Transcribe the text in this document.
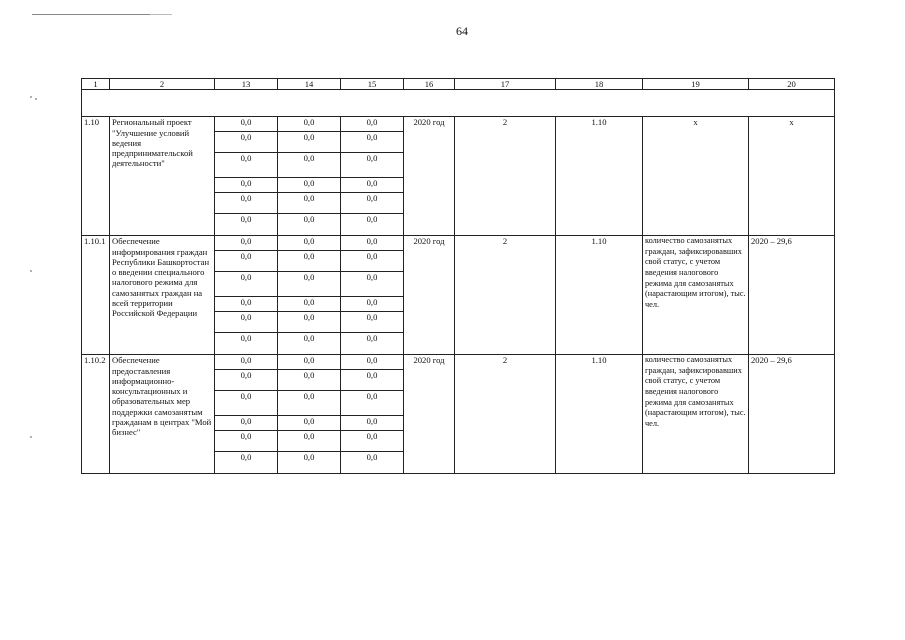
64
1	2	13	14	15	16	17	18	19	20

1.10	Региональный проект "Улучшение условий ведения предпринимательской деятельности"	0,0	0,0	0,0	2020 год	2	1.10	x	x
		0,0	0,0	0,0					
		0,0	0,0	0,0					
		0,0	0,0	0,0					
		0,0	0,0	0,0					
		0,0	0,0	0,0					
1.10.1	Обеспечение информирования граждан Республики Башкортостан о введении специального налогового режима для самозанятых граждан на всей территории Российской Федерации	0,0	0,0	0,0	2020 год	2	1.10	количество самозанятых граждан, зафиксировавших свой статус, с учетом введения налогового режима для самозанятых (нарастающим итогом), тыс. чел.	2020 – 29,6
		0,0	0,0	0,0					
		0,0	0,0	0,0					
		0,0	0,0	0,0					
		0,0	0,0	0,0					
		0,0	0,0	0,0					
1.10.2	Обеспечение предоставления информационно-консультационных и образовательных мер поддержки самозанятым гражданам в центрах "Мой бизнес"	0,0	0,0	0,0	2020 год	2	1.10	количество самозанятых граждан, зафиксировавших свой статус, с учетом введения налогового режима для самозанятых (нарастающим итогом), тыс. чел.	2020 – 29,6
		0,0	0,0	0,0					
		0,0	0,0	0,0					
		0,0	0,0	0,0					
		0,0	0,0	0,0					
		0,0	0,0	0,0					
